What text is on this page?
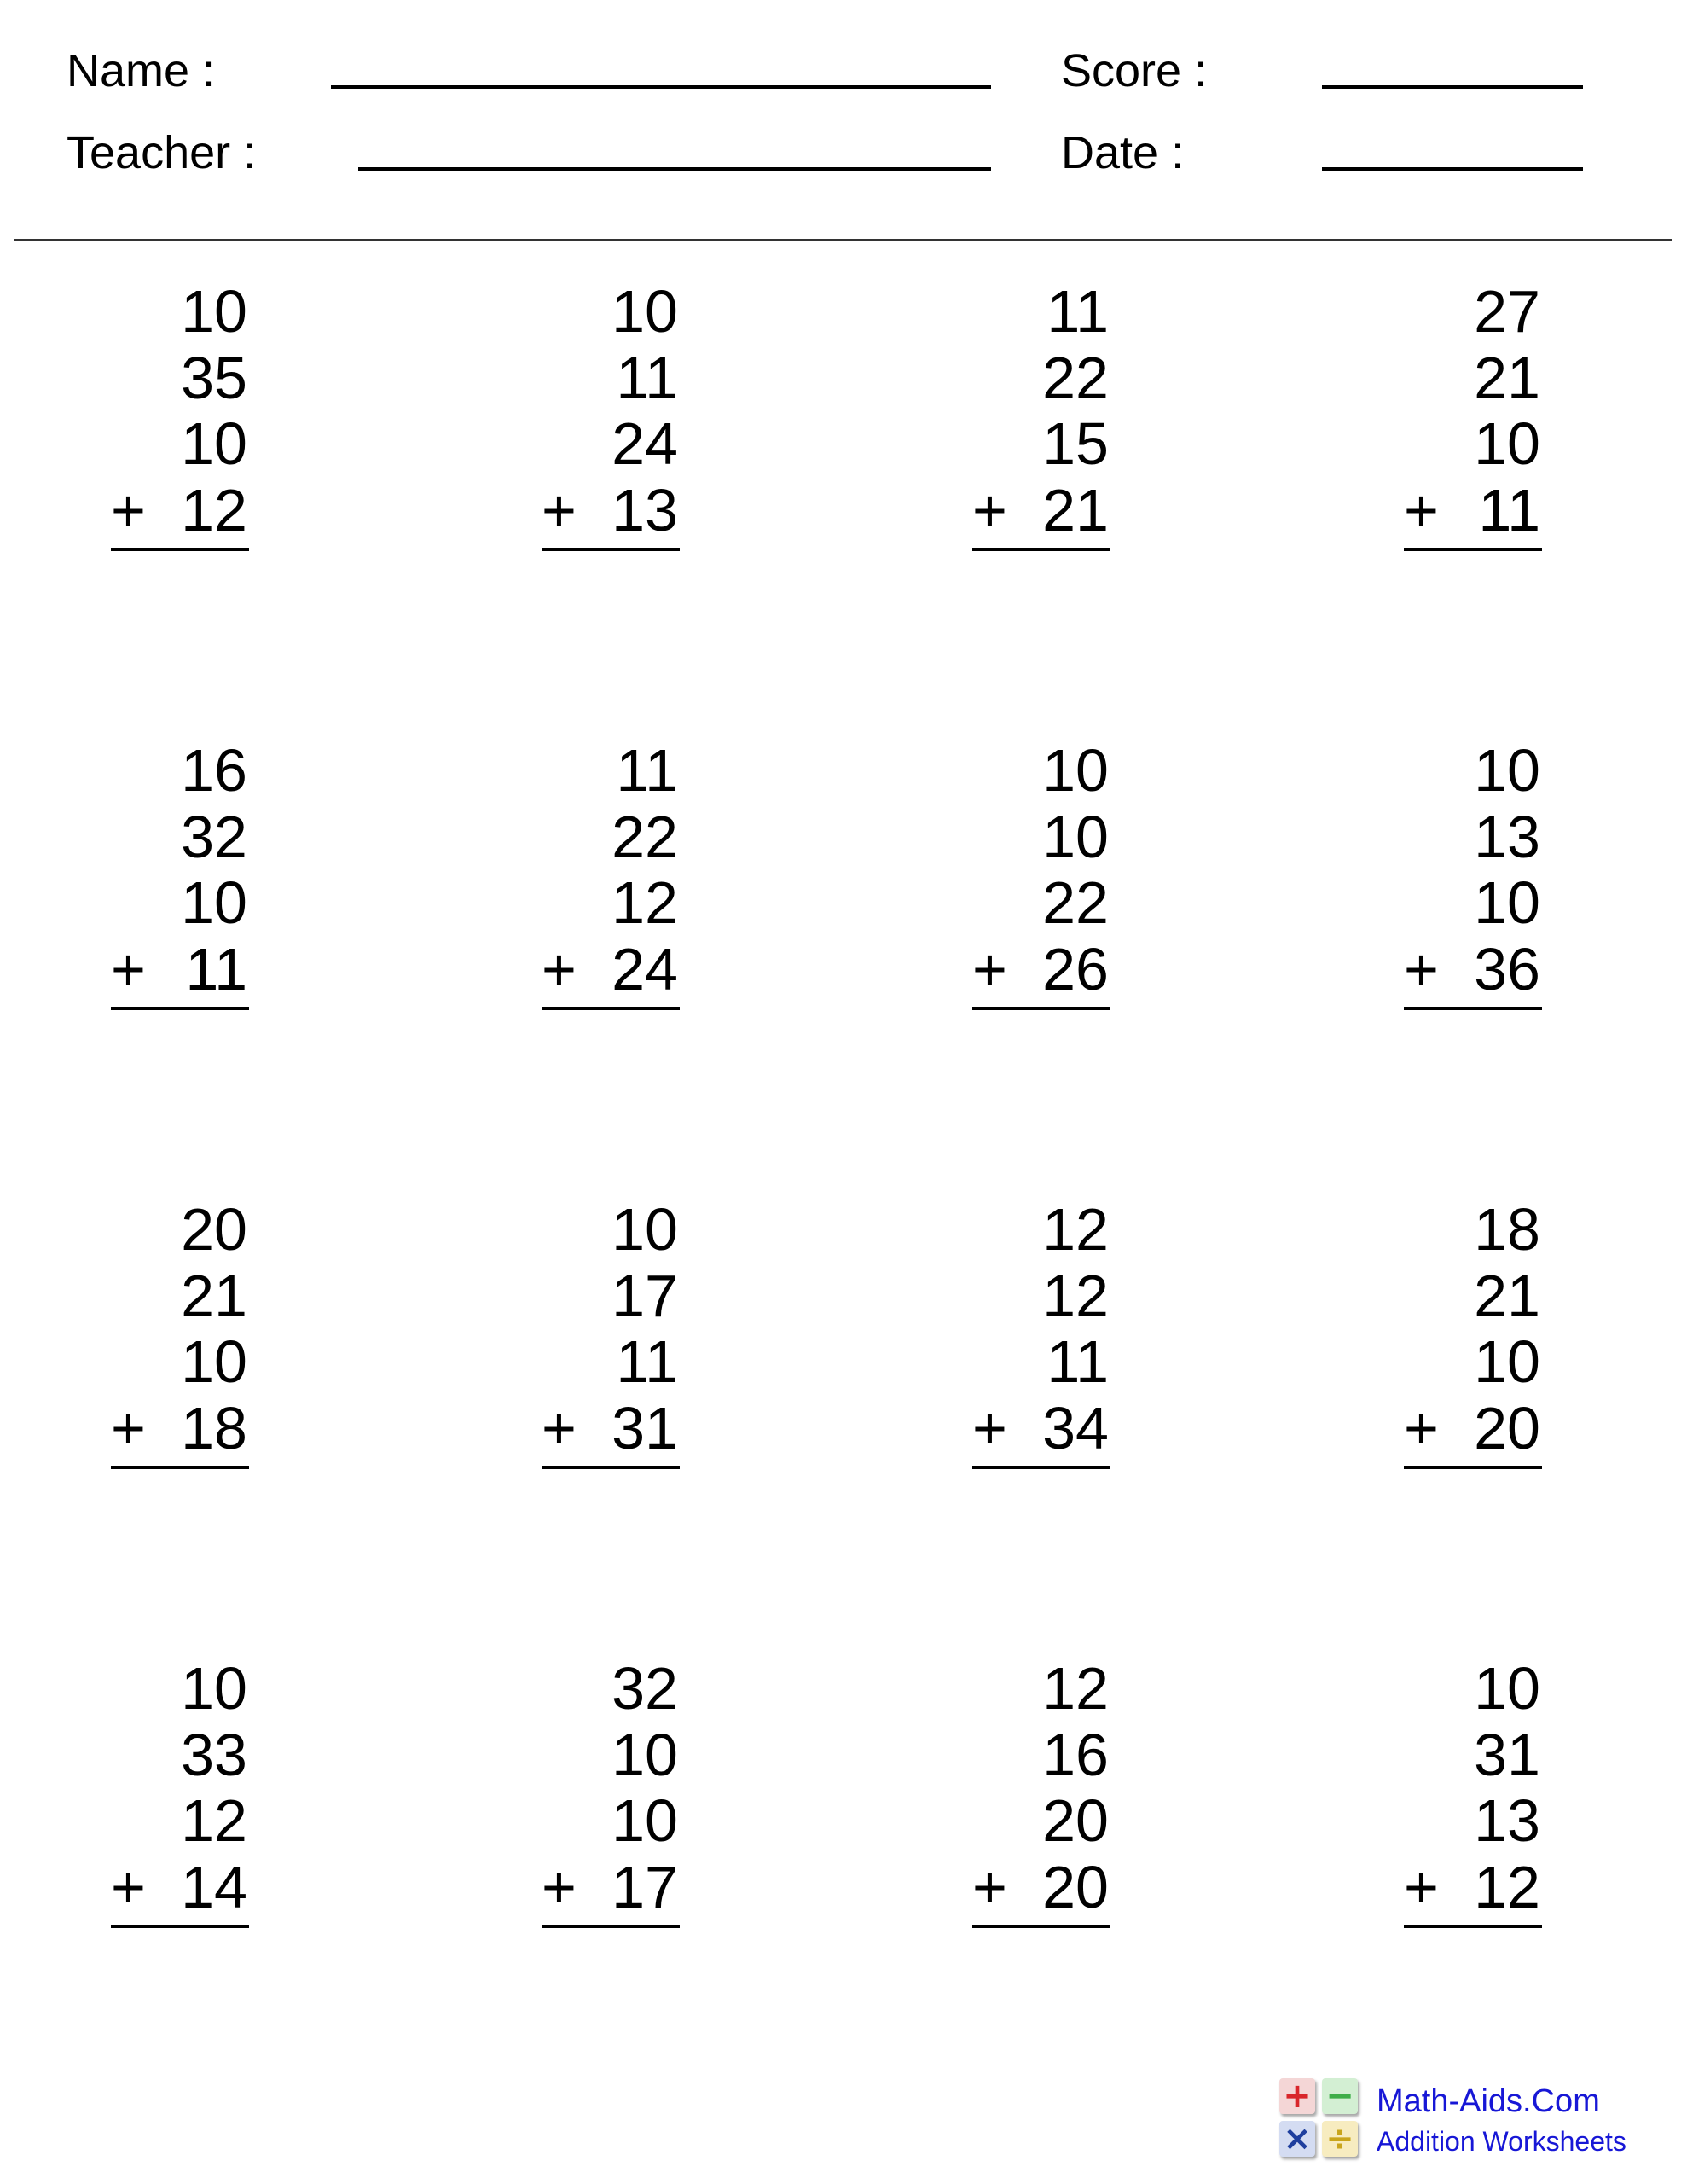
Name :	Score :
Teacher :	Date :
10
35
10
12
+
10
11
24
13
+
11
22
15
21
+
27
21
10
11
+
16
32
10
11
+
11
22
12
24
+
10
10
22
26
+
10
13
10
36
+
20
21
10
18
+
10
17
11
31
+
12
12
11
34
+
18
21
10
20
+
10
33
12
14
+
32
10
10
17
+
12
16
20
20
+
10
31
13
12
+
+ −
× ÷
Math-Aids.Com
Addition Worksheets
